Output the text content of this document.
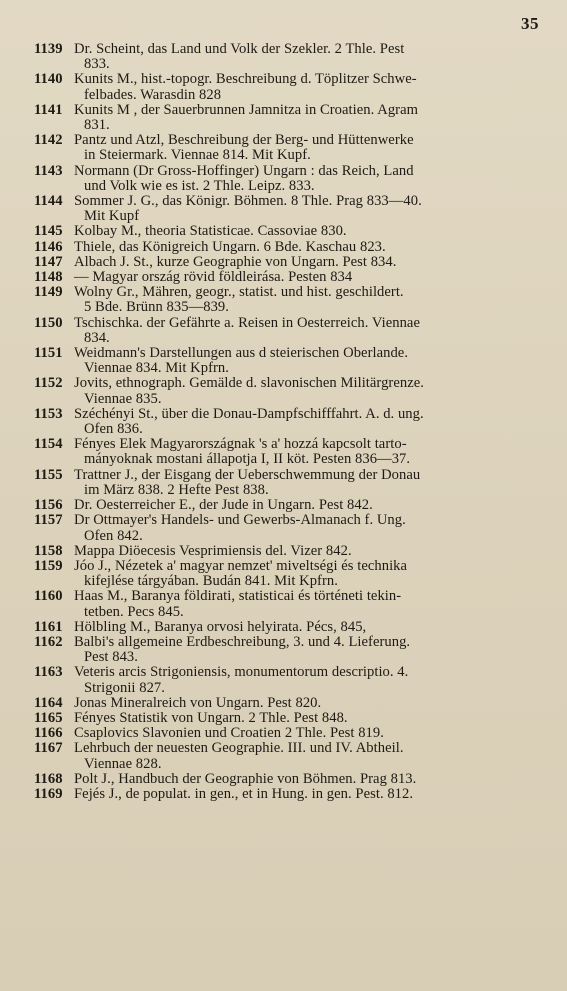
35
1139 Dr. Scheint, das Land und Volk der Szekler. 2 Thle. Pest
833.
1140 Kunits M., hist.-topogr. Beschreibung d. Töplitzer Schwe-
felbades. Warasdin 828
1141 Kunits M , der Sauerbrunnen Jamnitza in Croatien. Agram
831.
1142 Pantz und Atzl, Beschreibung der Berg- und Hüttenwerke
in Steiermark. Viennae 814. Mit Kupf.
1143 Normann (Dr Gross-Hoffinger) Ungarn : das Reich, Land
und Volk wie es ist. 2 Thle. Leipz. 833.
1144 Sommer J. G., das Königr. Böhmen. 8 Thle. Prag 833—40.
Mit Kupf
1145 Kolbay M., theoria Statisticae. Cassoviae 830.
1146 Thiele, das Königreich Ungarn. 6 Bde. Kaschau 823.
1147 Albach J. St., kurze Geographie von Ungarn. Pest 834.
1148 — Magyar ország rövid földleirása. Pesten 834
1149 Wolny Gr., Mähren, geogr., statist. und hist. geschildert.
5 Bde. Brünn 835—839.
1150 Tschischka. der Gefährte a. Reisen in Oesterreich. Viennae
834.
1151 Weidmann's Darstellungen aus d steierischen Oberlande.
Viennae 834. Mit Kpfrn.
1152 Jovits, ethnograph. Gemälde d. slavonischen Militärgrenze.
Viennae 835.
1153 Széchényi St., über die Donau-Dampfschifffahrt. A. d. ung.
Ofen 836.
1154 Fényes Elek Magyarországnak 's a' hozzá kapcsolt tarto-
mányoknak mostani állapotja I, II köt. Pesten 836—37.
1155 Trattner J., der Eisgang der Ueberschwemmung der Donau
im März 838. 2 Hefte Pest 838.
1156 Dr. Oesterreicher E., der Jude in Ungarn. Pest 842.
1157 Dr Ottmayer's Handels- und Gewerbs-Almanach f. Ung.
Ofen 842.
1158 Mappa Diöecesis Vesprimiensis del. Vizer 842.
1159 Jóo J., Nézetek a' magyar nemzet' miveltségi és technika
kifejlése tárgyában. Budán 841. Mit Kpfrn.
1160 Haas M., Baranya földirati, statisticai és történeti tekin-
tetben. Pecs 845.
1161 Hölbling M., Baranya orvosi helyirata. Pécs, 845,
1162 Balbi's allgemeine Erdbeschreibung, 3. und 4. Lieferung.
Pest 843.
1163 Veteris arcis Strigoniensis, monumentorum descriptio. 4.
Strigonii 827.
1164 Jonas Mineralreich von Ungarn. Pest 820.
1165 Fényes Statistik von Ungarn. 2 Thle. Pest 848.
1166 Csaplovics Slavonien und Croatien 2 Thle. Pest 819.
1167 Lehrbuch der neuesten Geographie. III. und IV. Abtheil.
Viennae 828.
1168 Polt J., Handbuch der Geographie von Böhmen. Prag 813.
1169 Fejés J., de populat. in gen., et in Hung. in gen. Pest. 812.
